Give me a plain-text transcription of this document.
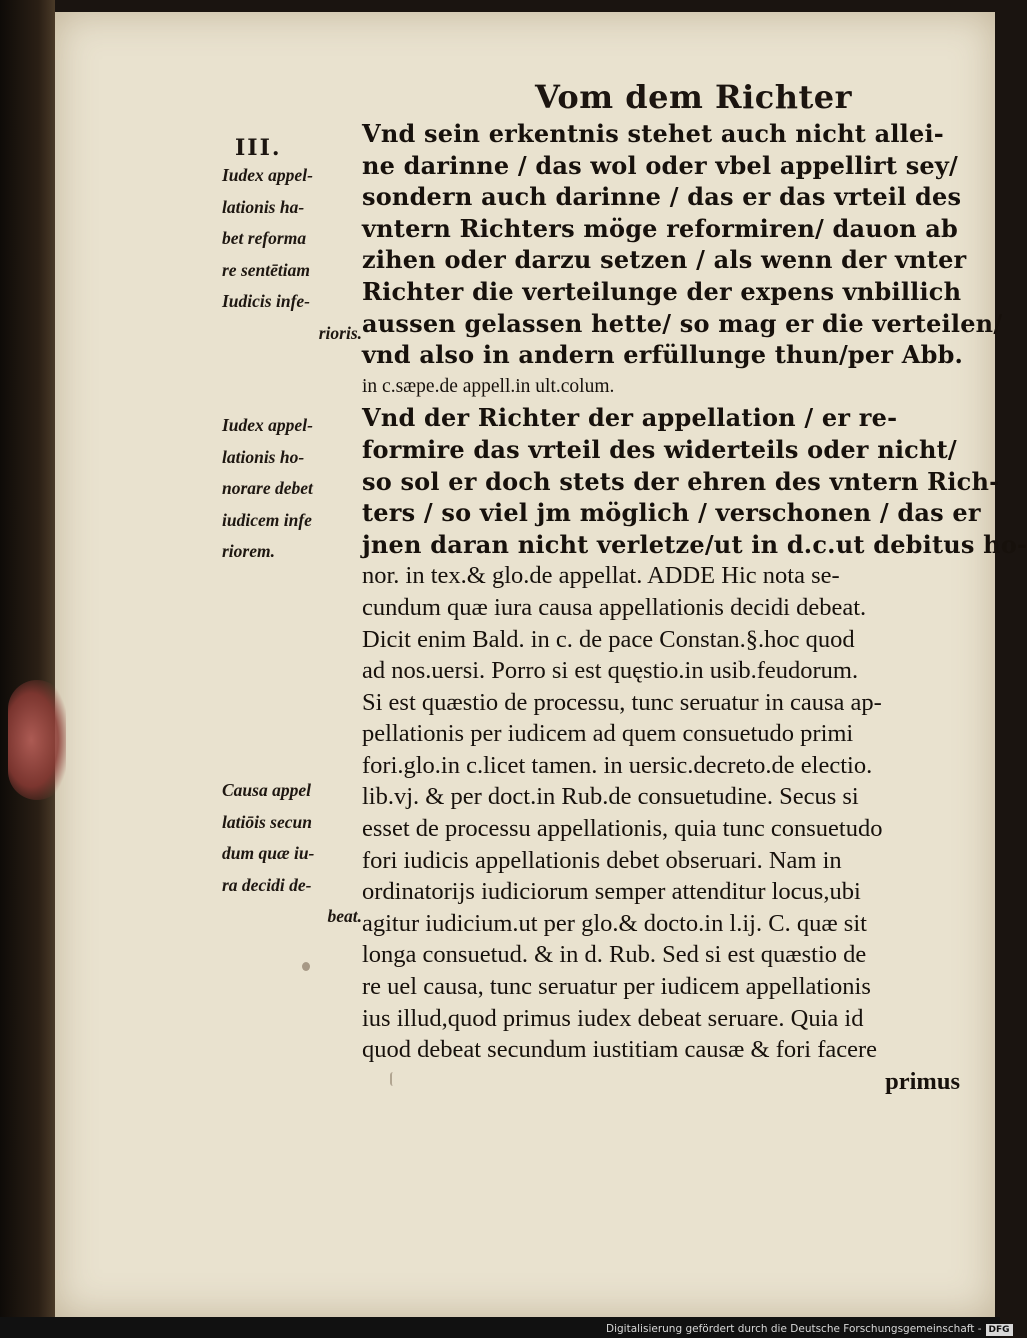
Vom dem Richter
III.
Iudex appel-
lationis ha-
bet reforma
re sentētiam
Iudicis infe-
rioris.
Iudex appel-
lationis ho-
norare debet
iudicem infe
riorem.
Causa appel
latiōis secun
dum quæ iu-
ra decidi de-
beat.
Vnd sein erkentnis stehet auch nicht allei-
ne darinne / das wol oder vbel appellirt sey/
sondern auch darinne / das er das vrteil des
vntern Richters möge reformiren/ dauon ab
zihen oder darzu setzen / als wenn der vnter
Richter die verteilunge der expens vnbillich
aussen gelassen hette/ so mag er die verteilen/
vnd also in andern erfüllunge thun/per Abb.
in c.sæpe.de appell.in ult.colum.
Vnd der Richter der appellation / er re-
formire das vrteil des widerteils oder nicht/
so sol er doch stets der ehren des vntern Rich-
ters / so viel jm möglich / verschonen / das er
jnen daran nicht verletze/ut in d.c.ut debitus ho-
nor. in tex.& glo.de appellat. ADDE Hic nota se-
cundum quæ iura causa appellationis decidi debeat.
Dicit enim Bald. in c. de pace Constan.§.hoc quod
ad nos.uersi. Porro si est quęstio.in usib.feudorum.
Si est quæstio de processu, tunc seruatur in causa ap-
pellationis per iudicem ad quem consuetudo primi
fori.glo.in c.licet tamen. in uersic.decreto.de electio.
lib.vj. & per doct.in Rub.de consuetudine. Secus si
esset de processu appellationis, quia tunc consuetudo
fori iudicis appellationis debet obseruari. Nam in
ordinatorijs iudiciorum semper attenditur locus,ubi
agitur iudicium.ut per glo.& docto.in l.ij. C. quæ sit
longa consuetud. & in d. Rub. Sed si est quæstio de
re uel causa, tunc seruatur per iudicem appellationis
ius illud,quod primus iudex debeat seruare. Quia id
quod debeat secundum iustitiam causæ & fori facere
primus
Digitalisierung gefördert durch die Deutsche Forschungsgemeinschaft - DFG
